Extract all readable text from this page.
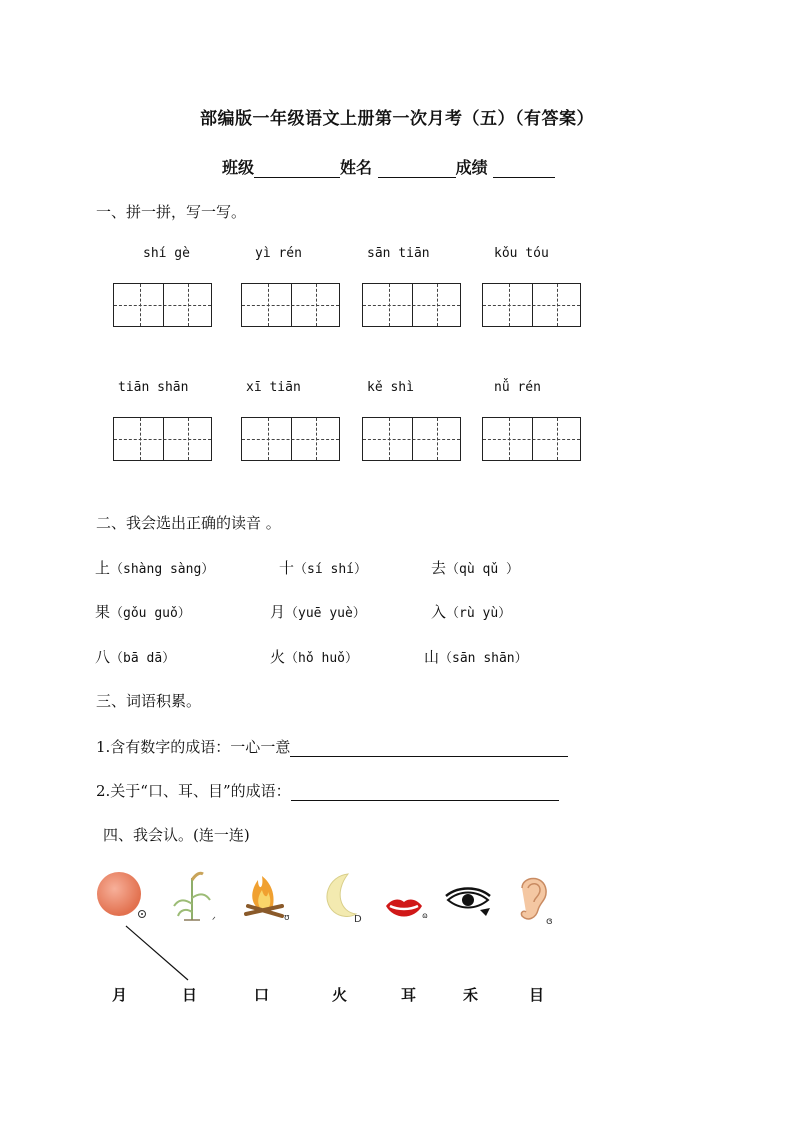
部编版一年级语文上册第一次月考（五）（有答案）
班级	姓名	成绩
一、拼一拼，写一写。
shí gè	yì rén	sān tiān	kǒu tóu
tiān shān	xī tiān	kě shì	nǚ rén
二、我会选出正确的读音 。
上（shàng sàng）	十（sí shí）	去（qù qǔ ）
果（gǒu guǒ）	月（yuē yuè）	入（rù yù）
八（bā dā）	火（hǒ huǒ）	山（sān shān）
三、词语积累。
1.含有数字的成语：一心一意
2.关于“口、耳、目”的成语：
四、我会认。(连一连)
ᐟ	ʊ	D	ɷ
ɞ
月	日	口	火	耳	禾	目
